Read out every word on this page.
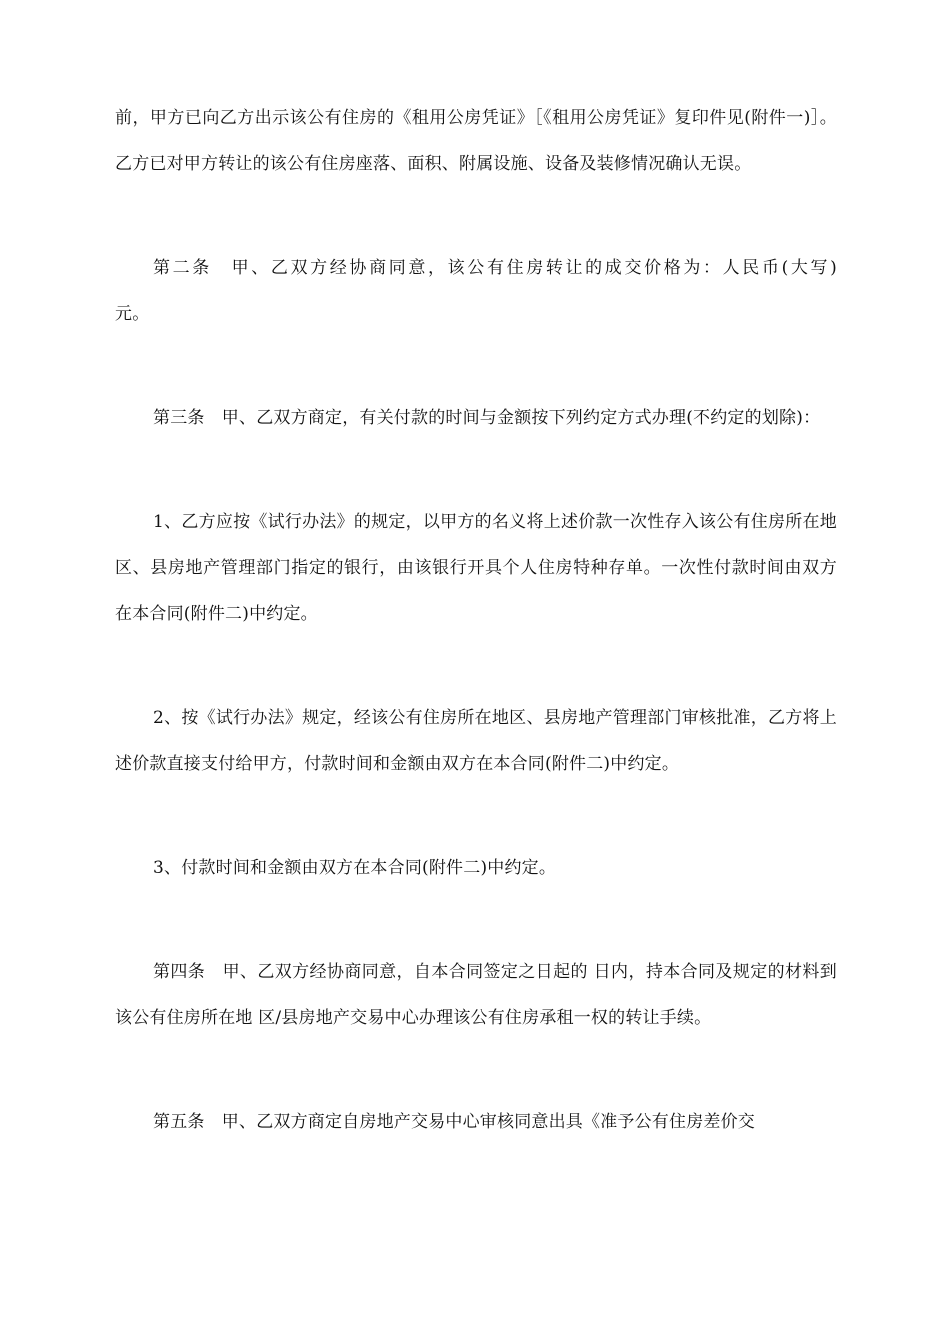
前，甲方已向乙方出示该公有住房的《租用公房凭证》［《租用公房凭证》复印件见(附件一)］。乙方已对甲方转让的该公有住房座落、面积、附属设施、设备及装修情况确认无误。

第二条　甲、乙双方经协商同意，该公有住房转让的成交价格为：人民币(大写)　　　　　元。

第三条　甲、乙双方商定，有关付款的时间与金额按下列约定方式办理(不约定的划除)：

1、乙方应按《试行办法》的规定，以甲方的名义将上述价款一次性存入该公有住房所在地区、县房地产管理部门指定的银行，由该银行开具个人住房特种存单。一次性付款时间由双方在本合同(附件二)中约定。

2、按《试行办法》规定，经该公有住房所在地区、县房地产管理部门审核批准，乙方将上述价款直接支付给甲方，付款时间和金额由双方在本合同(附件二)中约定。

3、付款时间和金额由双方在本合同(附件二)中约定。

第四条　甲、乙双方经协商同意，自本合同签定之日起的 日内，持本合同及规定的材料到该公有住房所在地 区/县房地产交易中心办理该公有住房承租一权的转让手续。

第五条　甲、乙双方商定自房地产交易中心审核同意出具《准予公有住房差价交
